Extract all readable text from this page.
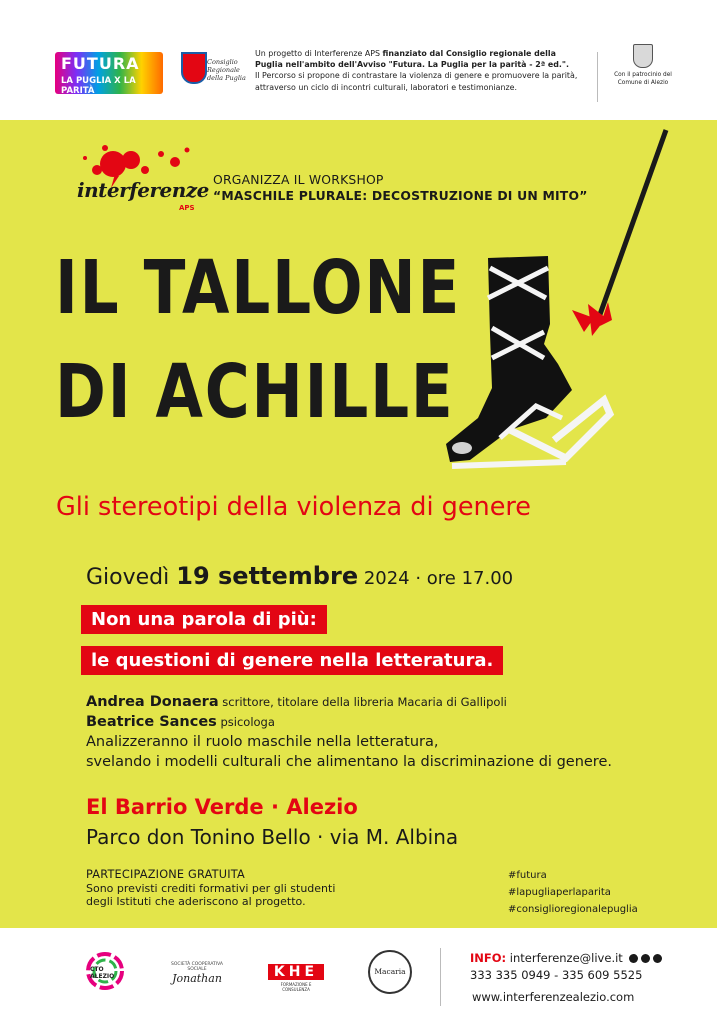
FUTURA
LA PUGLIA X LA PARITÀ
Consiglio Regionale della Puglia
Un progetto di Interferenze APS finanziato dal Consiglio regionale della Puglia nell'ambito dell'Avviso "Futura. La Puglia per la parità - 2ª ed.".
Il Percorso si propone di contrastare la violenza di genere e promuovere la parità, attraverso un ciclo di incontri culturali, laboratori e testimonianze.
Con il patrocinio del
Comune di Alezio
interferenze
APS
ORGANIZZA IL WORKSHOP
“MASCHILE PLURALE: DECOSTRUZIONE DI UN MITO”
IL TALLONE
DI ACHILLE
Gli stereotipi della violenza di genere
Giovedì 19 settembre 2024 · ore 17.00
Non una parola di più:
le questioni di genere nella letteratura.
Andrea Donaera scrittore, titolare della libreria Macaria di Gallipoli
Beatrice Sances psicologa
Analizzeranno il ruolo maschile nella letteratura,
svelando i modelli culturali che alimentano la discriminazione di genere.
El Barrio Verde · Alezio
Parco don Tonino Bello · via M. Albina
PARTECIPAZIONE GRATUITA
Sono previsti crediti formativi per gli studenti
degli Istituti che aderiscono al progetto.
#futura
#lapugliaperlaparita
#consiglioregionalepuglia
CTO ALEZIO
SOCIETÀ COOPERATIVA SOCIALE
Jonathan	KHE
FORMAZIONE E CONSULENZA
Macaria
INFO: interferenze@live.it
333 335 0949 - 335 609 5525
www.interferenzealezio.com
